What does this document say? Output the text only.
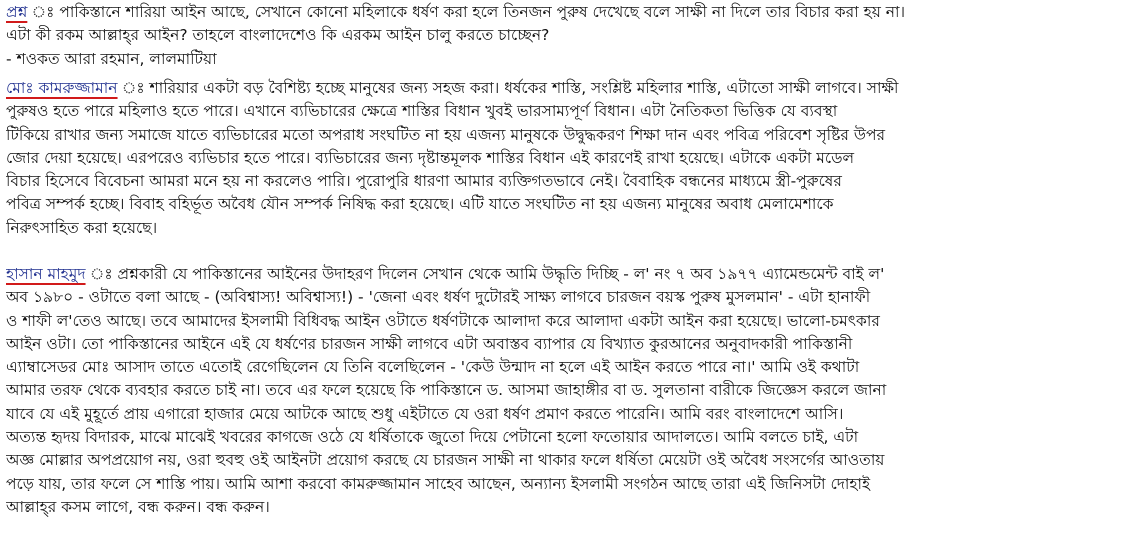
প্রশ্ন ঃ পাকিস্তানে শারিয়া আইন আছে, সেখানে কোনো মহিলাকে ধর্ষণ করা হলে তিনজন পুরুষ দেখেছে বলে সাক্ষী না দিলে তার বিচার করা হয় না।
এটা কী রকম আল্লাহ্‌র আইন? তাহলে বাংলাদেশেও কি এরকম আইন চালু করতে চাচ্ছেন?
- শওকত আরা রহমান, লালমাটিয়া
মোঃ কামরুজ্জামান ঃ শারিয়ার একটা বড় বৈশিষ্ট্য হচ্ছে মানুষের জন্য সহজ করা। ধর্ষকের শাস্তি, সংশ্লিষ্ট মহিলার শাস্তি, এটাতো সাক্ষী লাগবে। সাক্ষী
পুরুষও হতে পারে মহিলাও হতে পারে। এখানে ব্যভিচারের ক্ষেত্রে শাস্তির বিধান খুবই ভারসাম্যপূর্ণ বিধান। এটা নৈতিকতা ভিত্তিক যে ব্যবস্থা
টিকিয়ে রাখার জন্য সমাজে যাতে ব্যভিচারের মতো অপরাধ সংঘটিত না হয় এজন্য মানুষকে উদ্বুদ্ধকরণ শিক্ষা দান এবং পবিত্র পরিবেশ সৃষ্টির উপর
জোর দেয়া হয়েছে। এরপরেও ব্যভিচার হতে পারে। ব্যভিচারের জন্য দৃষ্টান্তমূলক শাস্তির বিধান এই কারণেই রাখা হয়েছে। এটাকে একটা মডেল
বিচার হিসেবে বিবেচনা আমরা মনে হয় না করলেও পারি। পুরোপুরি ধারণা আমার ব্যক্তিগতভাবে নেই। বৈবাহিক বন্ধনের মাধ্যমে স্ত্রী-পুরুষের
পবিত্র সম্পর্ক হচ্ছে। বিবাহ বহির্ভূত অবৈধ যৌন সম্পর্ক নিষিদ্ধ করা হয়েছে। এটি যাতে সংঘটিত না হয় এজন্য মানুষের অবাধ মেলামেশাকে
নিরুৎসাহিত করা হয়েছে।
হাসান মাহমুদ ঃ প্রশ্নকারী যে পাকিস্তানের আইনের উদাহরণ দিলেন সেখান থেকে আমি উদ্ধৃতি দিচ্ছি - ল' নং ৭ অব ১৯৭৭ এ্যামেন্ডমেন্ট বাই ল'
অব ১৯৮০ - ওটাতে বলা আছে - (অবিশ্বাস্য! অবিশ্বাস্য!) - 'জেনা এবং ধর্ষণ দুটোরই সাক্ষ্য লাগবে চারজন বয়স্ক পুরুষ মুসলমান' - এটা হানাফী
ও শাফী ল'তেও আছে। তবে আমাদের ইসলামী বিধিবদ্ধ আইন ওটাতে ধর্ষণটাকে আলাদা করে আলাদা একটা আইন করা হয়েছে। ভালো-চমৎকার
আইন ওটা। তো পাকিস্তানের আইনে এই যে ধর্ষণের চারজন সাক্ষী লাগবে এটা অবাস্তব ব্যাপার যে বিখ্যাত কুরআনের অনুবাদকারী পাকিস্তানী
এ্যাম্বাসেডর মোঃ আসাদ তাতে এতোই রেগেছিলেন যে তিনি বলেছিলেন - 'কেউ উন্মাদ না হলে এই আইন করতে পারে না।' আমি ওই কথাটা
আমার তরফ থেকে ব্যবহার করতে চাই না। তবে এর ফলে হয়েছে কি পাকিস্তানে ড. আসমা জাহাঙ্গীর বা ড. সুলতানা বারীকে জিজ্ঞেস করলে জানা
যাবে যে এই মুহূর্তে প্রায় এগারো হাজার মেয়ে আটকে আছে শুধু এইটাতে যে ওরা ধর্ষণ প্রমাণ করতে পারেনি। আমি বরং বাংলাদেশে আসি।
অত্যন্ত হৃদয় বিদারক, মাঝে মাঝেই খবরের কাগজে ওঠে যে ধর্ষিতাকে জুতো দিয়ে পেটানো হলো ফতোয়ার আদালতে। আমি বলতে চাই, এটা
অজ্ঞ মোল্লার অপপ্রয়োগ নয়, ওরা হুবহু ওই আইনটা প্রয়োগ করছে যে চারজন সাক্ষী না থাকার ফলে ধর্ষিতা মেয়েটা ওই অবৈধ সংসর্গের আওতায়
পড়ে যায়, তার ফলে সে শাস্তি পায়। আমি আশা করবো কামরুজ্জামান সাহেব আছেন, অন্যান্য ইসলামী সংগঠন আছে তারা এই জিনিসটা দোহাই
আল্লাহ্‌র কসম লাগে, বন্ধ করুন। বন্ধ করুন।
